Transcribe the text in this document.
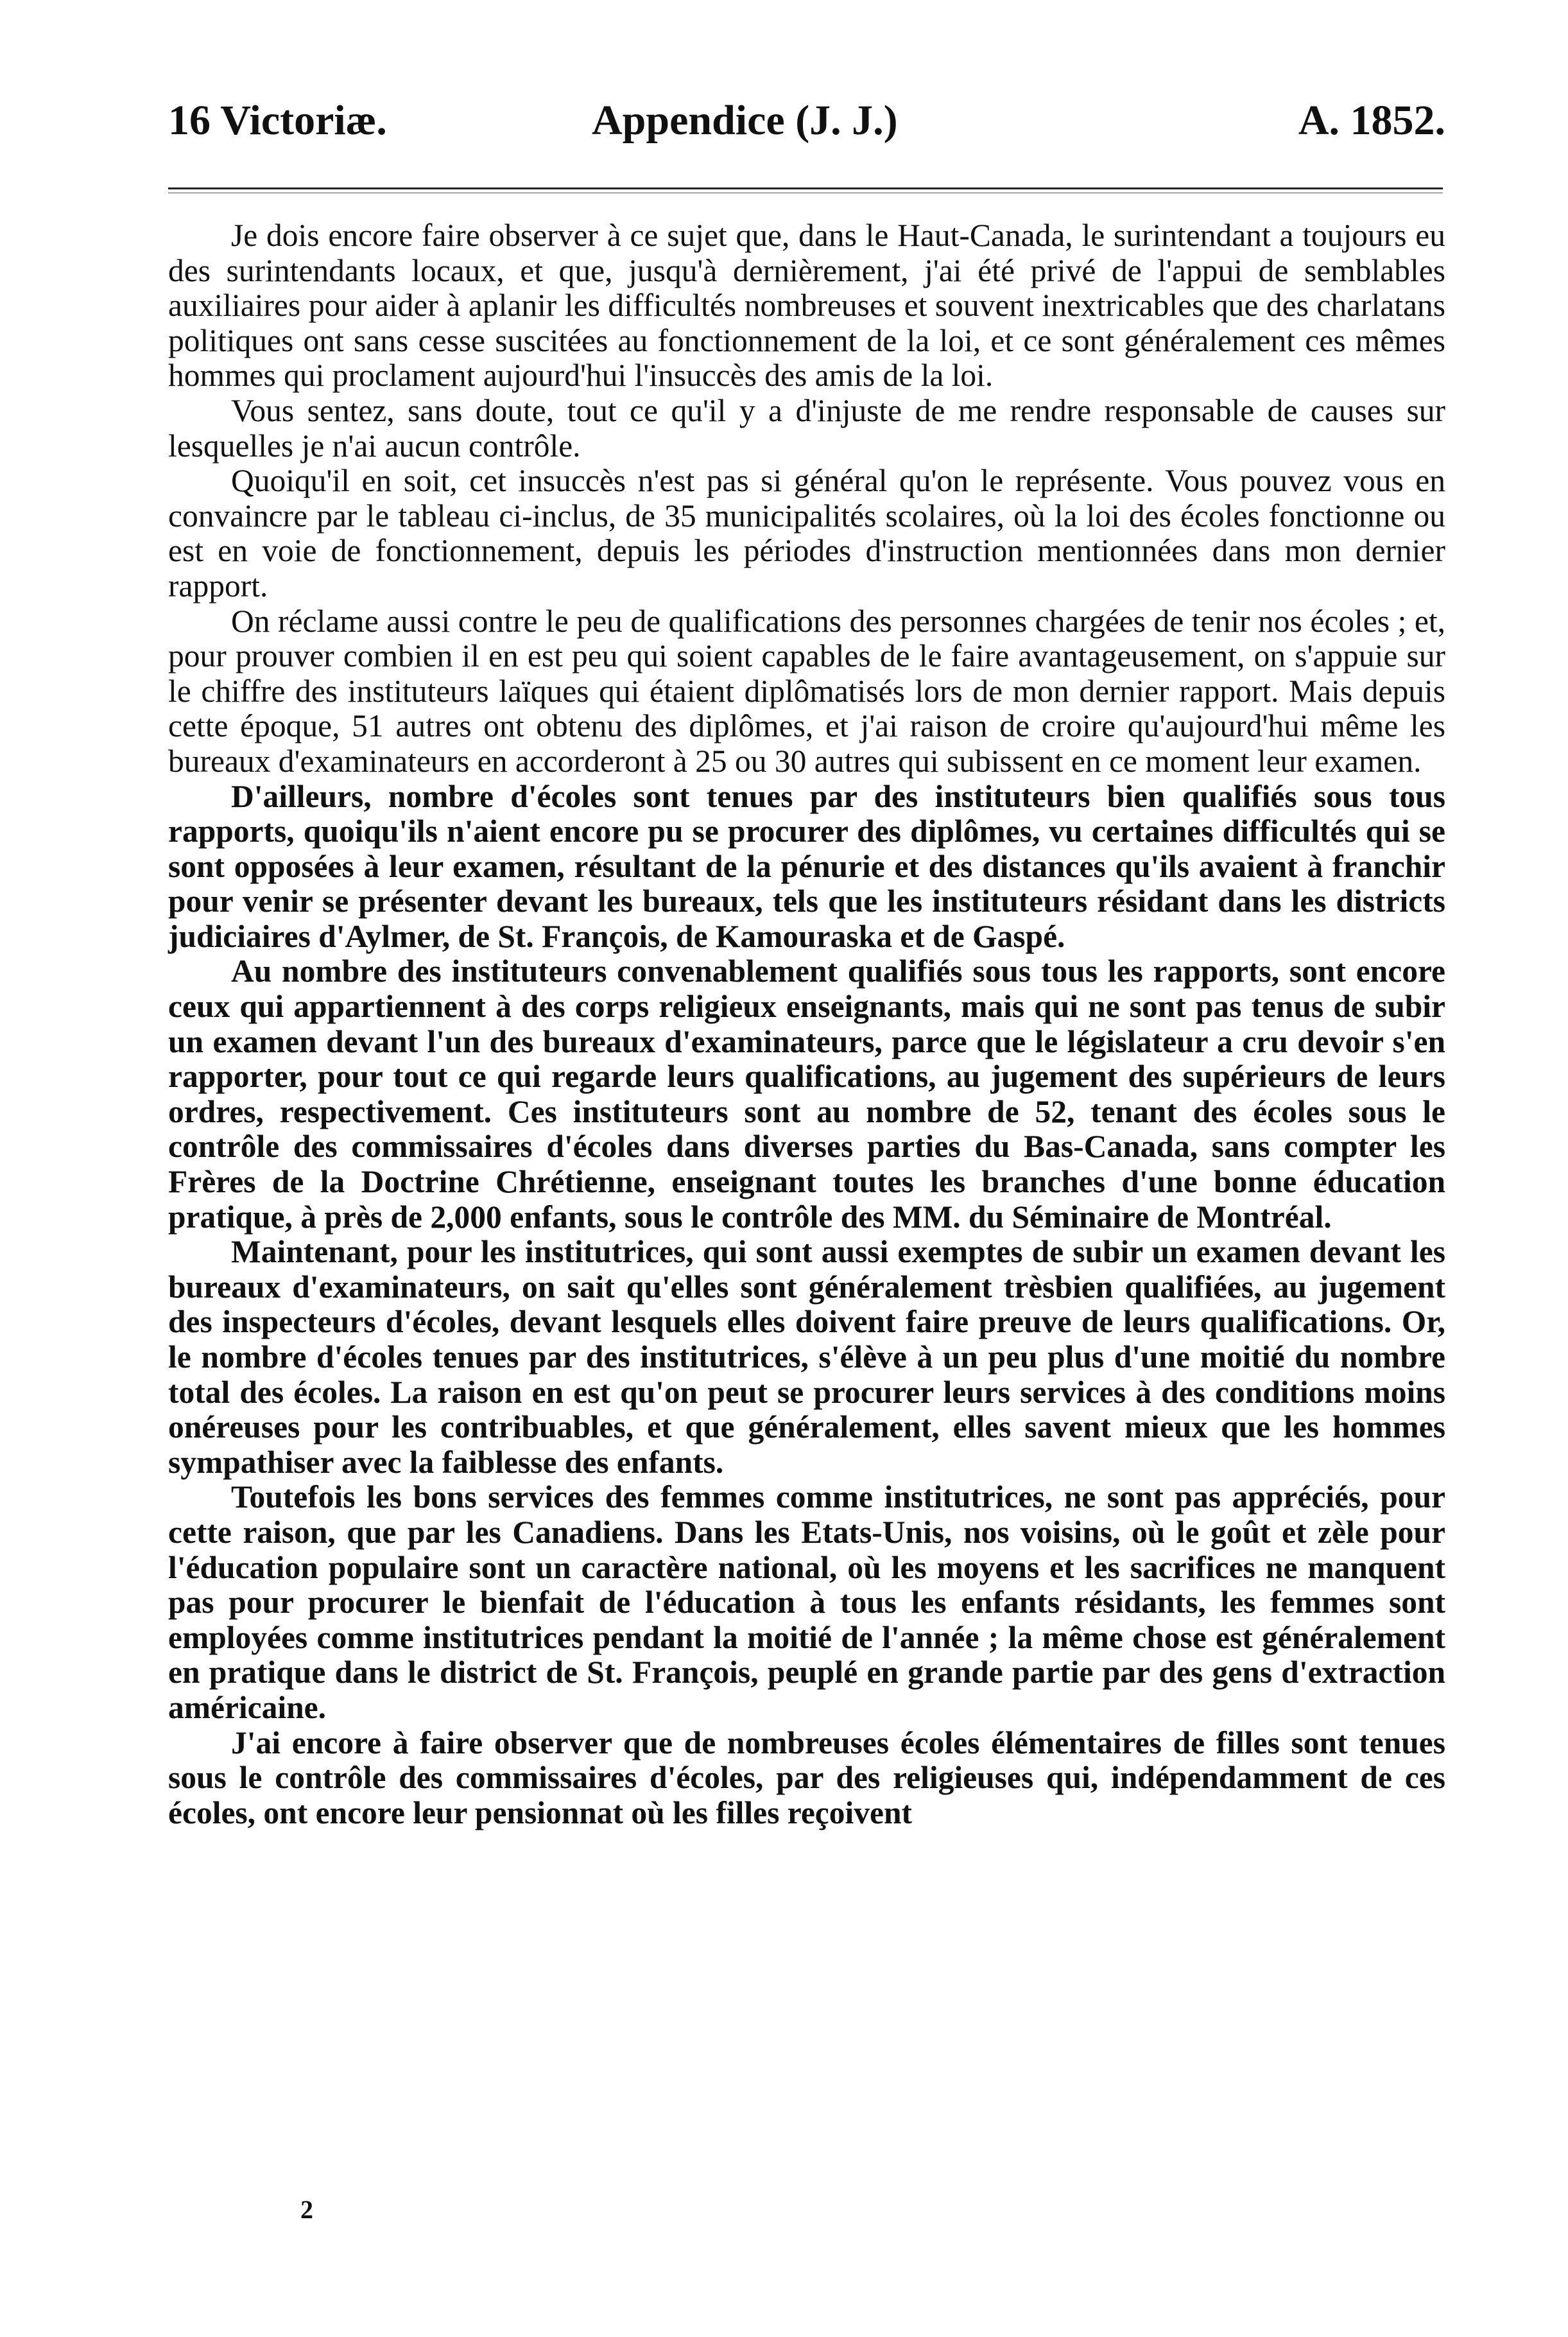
16 Victoriæ.	Appendice (J. J.)	A. 1852.

Je dois encore faire observer à ce sujet que, dans le Haut-Canada, le surintendant a toujours eu des surintendants locaux, et que, jusqu'à dernièrement, j'ai été privé de l'appui de semblables auxiliaires pour aider à aplanir les difficultés nombreuses et souvent inextricables que des charlatans politiques ont sans cesse suscitées au fonctionnement de la loi, et ce sont généralement ces mêmes hommes qui proclament aujourd'hui l'insuccès des amis de la loi.

Vous sentez, sans doute, tout ce qu'il y a d'injuste de me rendre responsable de causes sur lesquelles je n'ai aucun contrôle.

Quoiqu'il en soit, cet insuccès n'est pas si général qu'on le représente. Vous pouvez vous en convaincre par le tableau ci-inclus, de 35 municipalités scolaires, où la loi des écoles fonctionne ou est en voie de fonctionnement, depuis les périodes d'instruction mentionnées dans mon dernier rapport.

On réclame aussi contre le peu de qualifications des personnes chargées de tenir nos écoles ; et, pour prouver combien il en est peu qui soient capables de le faire avantageusement, on s'appuie sur le chiffre des instituteurs laïques qui étaient diplômatisés lors de mon dernier rapport. Mais depuis cette époque, 51 autres ont obtenu des diplômes, et j'ai raison de croire qu'aujourd'hui même les bureaux d'examinateurs en accorderont à 25 ou 30 autres qui subissent en ce moment leur examen.

D'ailleurs, nombre d'écoles sont tenues par des instituteurs bien qualifiés sous tous rapports, quoiqu'ils n'aient encore pu se procurer des diplômes, vu certaines difficultés qui se sont opposées à leur examen, résultant de la pénurie et des distances qu'ils avaient à franchir pour venir se présenter devant les bureaux, tels que les instituteurs résidant dans les districts judiciaires d'Aylmer, de St. François, de Kamouraska et de Gaspé.

Au nombre des instituteurs convenablement qualifiés sous tous les rapports, sont encore ceux qui appartiennent à des corps religieux enseignants, mais qui ne sont pas tenus de subir un examen devant l'un des bureaux d'examinateurs, parce que le législateur a cru devoir s'en rapporter, pour tout ce qui regarde leurs qualifications, au jugement des supérieurs de leurs ordres, respectivement. Ces instituteurs sont au nombre de 52, tenant des écoles sous le contrôle des commissaires d'écoles dans diverses parties du Bas-Canada, sans compter les Frères de la Doctrine Chrétienne, enseignant toutes les branches d'une bonne éducation pratique, à près de 2,000 enfants, sous le contrôle des MM. du Séminaire de Montréal.

Maintenant, pour les institutrices, qui sont aussi exemptes de subir un examen devant les bureaux d'examinateurs, on sait qu'elles sont généralement trèsbien qualifiées, au jugement des inspecteurs d'écoles, devant lesquels elles doivent faire preuve de leurs qualifications. Or, le nombre d'écoles tenues par des institutrices, s'élève à un peu plus d'une moitié du nombre total des écoles. La raison en est qu'on peut se procurer leurs services à des conditions moins onéreuses pour les contribuables, et que généralement, elles savent mieux que les hommes sympathiser avec la faiblesse des enfants.

Toutefois les bons services des femmes comme institutrices, ne sont pas appréciés, pour cette raison, que par les Canadiens. Dans les Etats-Unis, nos voisins, où le goût et zèle pour l'éducation populaire sont un caractère national, où les moyens et les sacrifices ne manquent pas pour procurer le bienfait de l'éducation à tous les enfants résidants, les femmes sont employées comme institutrices pendant la moitié de l'année ; la même chose est généralement en pratique dans le district de St. François, peuplé en grande partie par des gens d'extraction américaine.

J'ai encore à faire observer que de nombreuses écoles élémentaires de filles sont tenues sous le contrôle des commissaires d'écoles, par des religieuses qui, indépendamment de ces écoles, ont encore leur pensionnat où les filles reçoivent

2
